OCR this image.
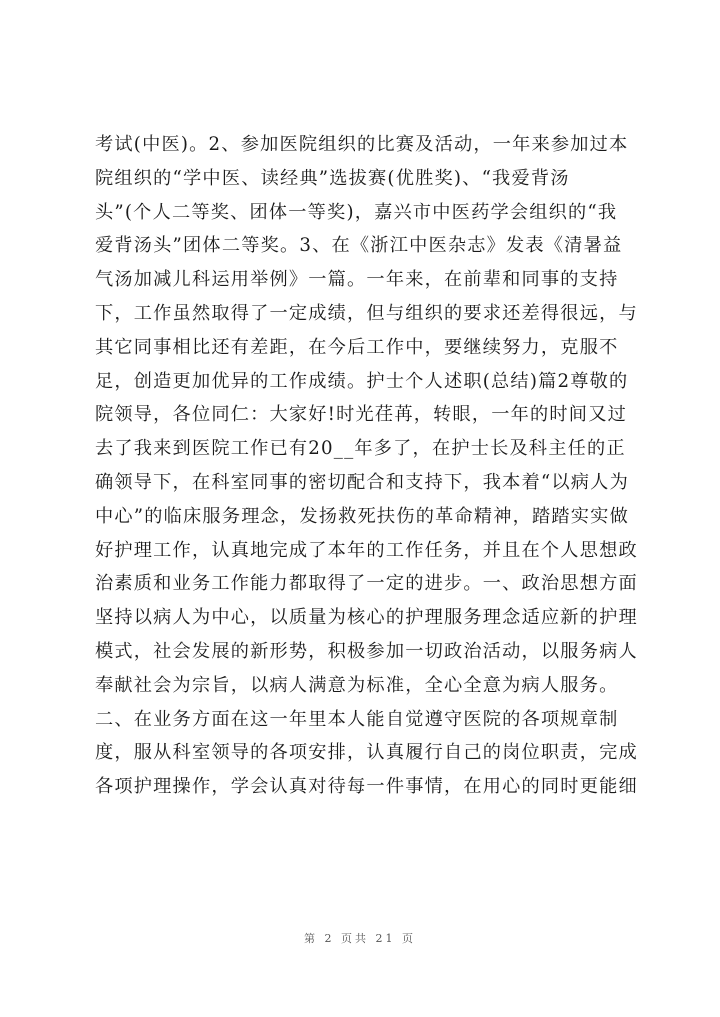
考试(中医)。2、参加医院组织的比赛及活动，一年来参加过本
院组织的“学中医、读经典”选拔赛(优胜奖)、“我爱背汤
头”(个人二等奖、团体一等奖)，嘉兴市中医药学会组织的“我
爱背汤头”团体二等奖。3、在《浙江中医杂志》发表《清暑益
气汤加减儿科运用举例》一篇。一年来，在前辈和同事的支持
下，工作虽然取得了一定成绩，但与组织的要求还差得很远，与
其它同事相比还有差距，在今后工作中，要继续努力，克服不
足，创造更加优异的工作成绩。护士个人述职(总结)篇2尊敬的
院领导，各位同仁：大家好!时光荏苒，转眼，一年的时间又过
去了我来到医院工作已有20__年多了，在护士长及科主任的正
确领导下，在科室同事的密切配合和支持下，我本着“以病人为
中心”的临床服务理念，发扬救死扶伤的革命精神，踏踏实实做
好护理工作，认真地完成了本年的工作任务，并且在个人思想政
治素质和业务工作能力都取得了一定的进步。一、政治思想方面
坚持以病人为中心，以质量为核心的护理服务理念适应新的护理
模式，社会发展的新形势，积极参加一切政治活动，以服务病人
奉献社会为宗旨，以病人满意为标准，全心全意为病人服务。
二、在业务方面在这一年里本人能自觉遵守医院的各项规章制
度，服从科室领导的各项安排，认真履行自己的岗位职责，完成
各项护理操作，学会认真对待每一件事情，在用心的同时更能细
第 2 页共 21 页
